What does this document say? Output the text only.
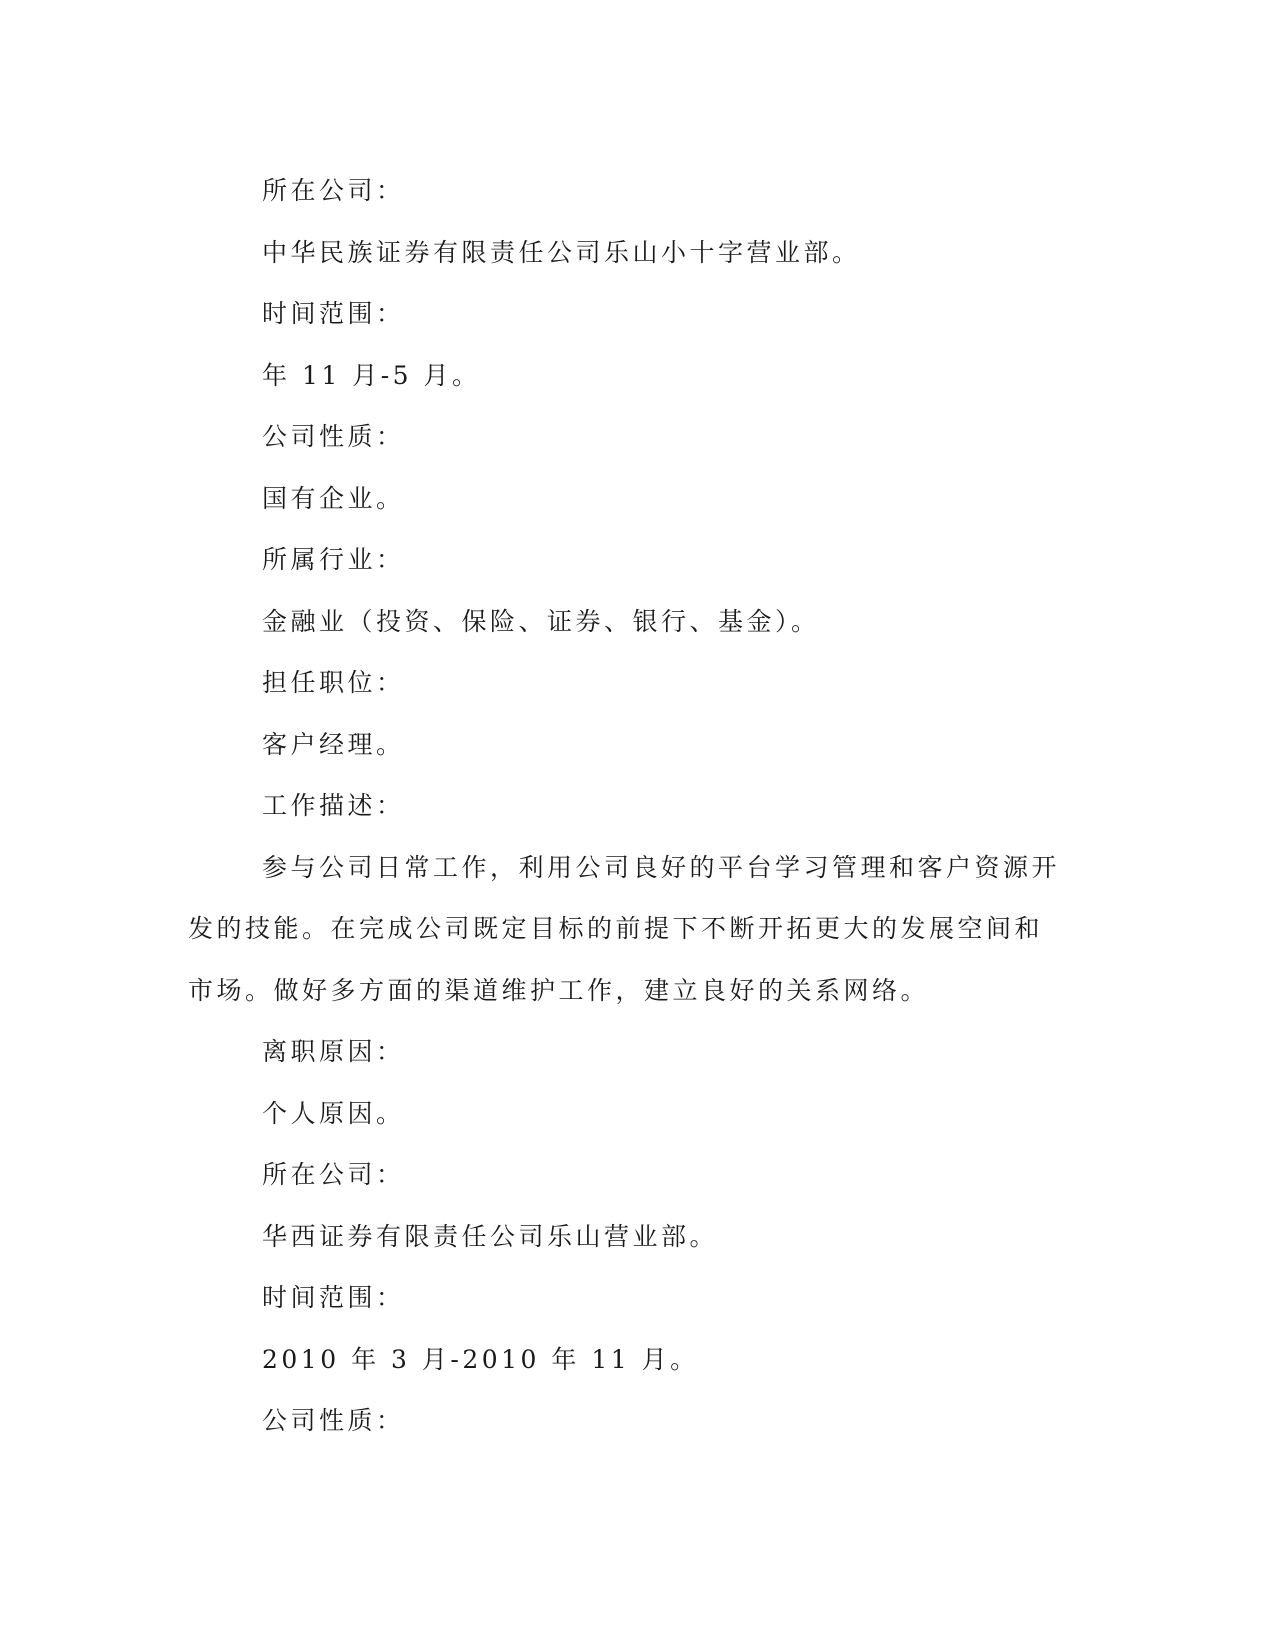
所在公司：
中华民族证券有限责任公司乐山小十字营业部。
时间范围：
年 11 月-5 月。
公司性质：
国有企业。
所属行业：
金融业（投资、保险、证券、银行、基金）。
担任职位：
客户经理。
工作描述：
参与公司日常工作，利用公司良好的平台学习管理和客户资源开
发的技能。在完成公司既定目标的前提下不断开拓更大的发展空间和
市场。做好多方面的渠道维护工作，建立良好的关系网络。
离职原因：
个人原因。
所在公司：
华西证券有限责任公司乐山营业部。
时间范围：
2010 年 3 月-2010 年 11 月。
公司性质：
